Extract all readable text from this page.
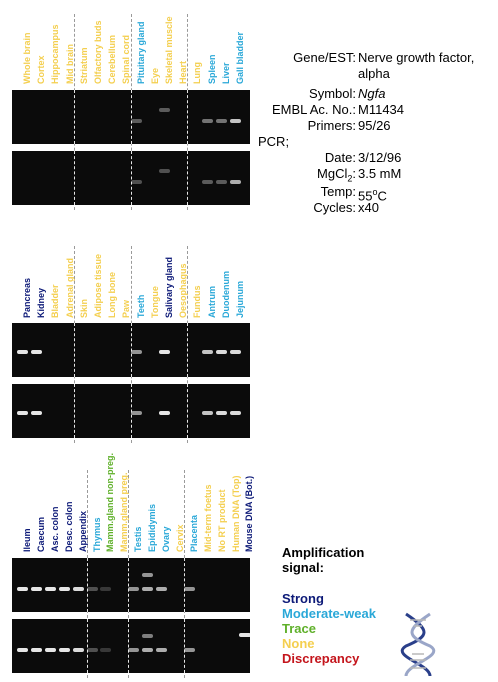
Whole brain Cortex Hippocampus Mid brain Striatum Olfactory buds Cerebellum Spinal cord Pituitary gland Eye Skeletal muscle Heart Lung Spleen Liver Gall bladder
Pancreas Kidney Bladder Adrenal gland Skin Adipose tissue Long bone Paw Teeth Tongue Salivary gland Oesophagus Fundus Antrum Duodenum Jejunum
Ileum Caecum Asc. colon Desc. colon Appendix Thymus Mamm.gland non-preg. Mamm.gland preg. Testis Epididymis Ovary Cervix Placenta Mid-term foetus No RT product Human DNA (Top) Mouse DNA (Bot.)
Gene/EST: Nerve growth factor,
alpha
Symbol: Ngfa
EMBL Ac. No.: M11434
Primers: 95/26
PCR;
Date: 3/12/96
MgCl$_2$: 3.5 mM
Temp: 55$^o$C
Cycles: x40
Amplification
signal:
Strong
Moderate-weak
Trace
None
Discrepancy
